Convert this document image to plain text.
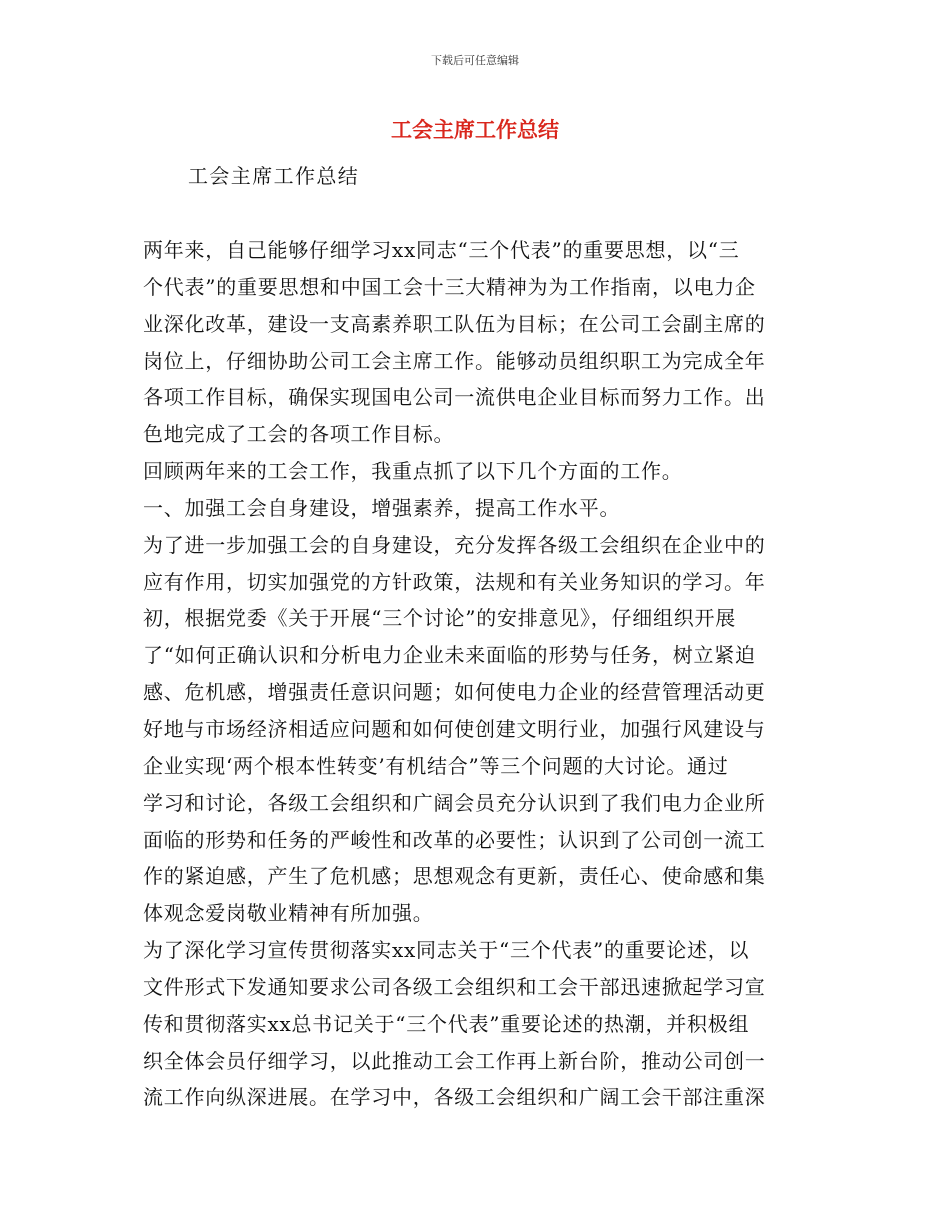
下载后可任意编辑
工会主席工作总结
工会主席工作总结
两年来，自己能够仔细学习xx同志“三个代表”的重要思想，以“三
个代表”的重要思想和中国工会十三大精神为为工作指南，以电力企
业深化改革，建设一支高素养职工队伍为目标；在公司工会副主席的
岗位上，仔细协助公司工会主席工作。能够动员组织职工为完成全年
各项工作目标，确保实现国电公司一流供电企业目标而努力工作。出
色地完成了工会的各项工作目标。
回顾两年来的工会工作，我重点抓了以下几个方面的工作。
一、加强工会自身建设，增强素养，提高工作水平。
为了进一步加强工会的自身建设，充分发挥各级工会组织在企业中的
应有作用，切实加强党的方针政策，法规和有关业务知识的学习。年
初，根据党委《关于开展“三个讨论”的安排意见》，仔细组织开展
了“如何正确认识和分析电力企业未来面临的形势与任务，树立紧迫
感、危机感，增强责任意识问题；如何使电力企业的经营管理活动更
好地与市场经济相适应问题和如何使创建文明行业，加强行风建设与
企业实现‘两个根本性转变’有机结合”等三个问题的大讨论。通过
学习和讨论，各级工会组织和广阔会员充分认识到了我们电力企业所
面临的形势和任务的严峻性和改革的必要性；认识到了公司创一流工
作的紧迫感，产生了危机感；思想观念有更新，责任心、使命感和集
体观念爱岗敬业精神有所加强。
为了深化学习宣传贯彻落实xx同志关于“三个代表”的重要论述，以
文件形式下发通知要求公司各级工会组织和工会干部迅速掀起学习宣
传和贯彻落实xx总书记关于“三个代表”重要论述的热潮，并积极组
织全体会员仔细学习，以此推动工会工作再上新台阶，推动公司创一
流工作向纵深进展。在学习中，各级工会组织和广阔工会干部注重深
